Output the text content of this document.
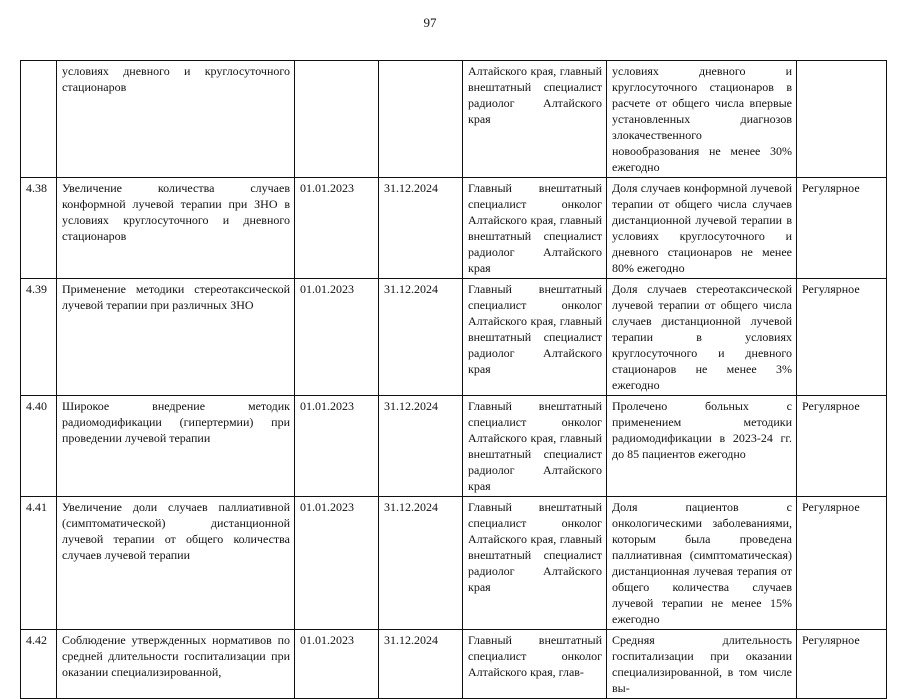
97
	условиях дневного и круглосуточного стационаров			Алтайского края, главный внештатный специалист радиолог Алтайского края	условиях дневного и круглосуточного стационаров в расчете от общего числа впервые установленных диагнозов злокачественного новообразования не менее 30% ежегодно	
4.38	Увеличение количества случаев конформной лучевой терапии при ЗНО в условиях круглосуточного и дневного стационаров	01.01.2023	31.12.2024	Главный внештатный специалист онколог Алтайского края, главный внештатный специалист радиолог Алтайского края	Доля случаев конформной лучевой терапии от общего числа случаев дистанционной лучевой терапии в условиях круглосуточного и дневного стационаров не менее 80% ежегодно	Регулярное
4.39	Применение методики стереотаксической лучевой терапии при различных ЗНО	01.01.2023	31.12.2024	Главный внештатный специалист онколог Алтайского края, главный внештатный специалист радиолог Алтайского края	Доля случаев стереотаксической лучевой терапии от общего числа случаев дистанционной лучевой терапии в условиях круглосуточного и дневного стационаров не менее 3% ежегодно	Регулярное
4.40	Широкое внедрение методик радиомодификации (гипертермии) при проведении лучевой терапии	01.01.2023	31.12.2024	Главный внештатный специалист онколог Алтайского края, главный внештатный специалист радиолог Алтайского края	Пролечено больных с применением методики радиомодификации в 2023-24 гг. до 85 пациентов ежегодно	Регулярное
4.41	Увеличение доли случаев паллиативной (симптоматической) дистанционной лучевой терапии от общего количества случаев лучевой терапии	01.01.2023	31.12.2024	Главный внештатный специалист онколог Алтайского края, главный внештатный специалист радиолог Алтайского края	Доля пациентов с онкологическими заболеваниями, которым была проведена паллиативная (симптоматическая) дистанционная лучевая терапия от общего количества случаев лучевой терапии не менее 15% ежегодно	Регулярное
4.42	Соблюдение утвержденных нормативов по средней длительности госпитализации при оказании специализированной,	01.01.2023	31.12.2024	Главный внештатный специалист онколог Алтайского края, глав-	Средняя длительность госпитализации при оказании специализированной, в том числе вы-	Регулярное
